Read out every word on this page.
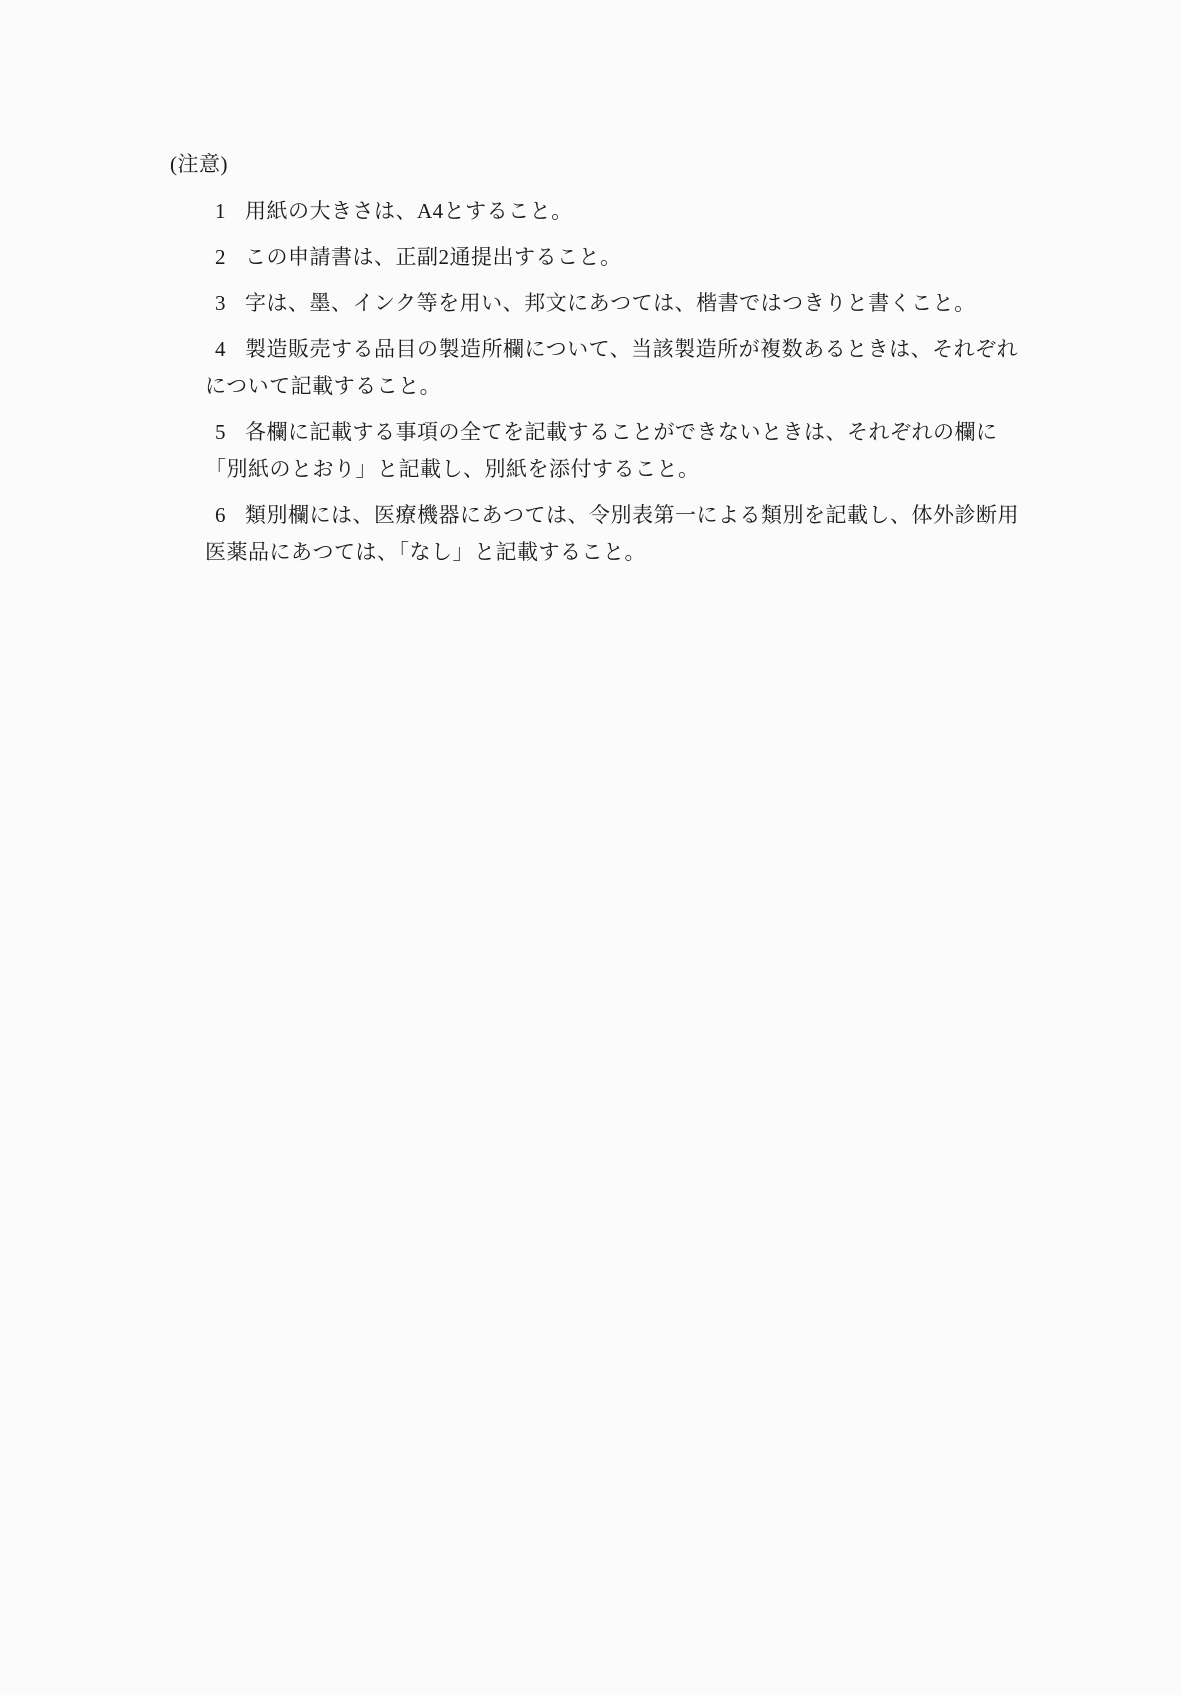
(注意)
1 用紙の大きさは、A4とすること。
2 この申請書は、正副2通提出すること。
3 字は、墨、インク等を用い、邦文にあつては、楷書ではつきりと書くこと。
4 製造販売する品目の製造所欄について、当該製造所が複数あるときは、それぞれ
について記載すること。
5 各欄に記載する事項の全てを記載することができないときは、それぞれの欄に
「別紙のとおり」と記載し、別紙を添付すること。
6 類別欄には、医療機器にあつては、令別表第一による類別を記載し、体外診断用
医薬品にあつては、「なし」と記載すること。
